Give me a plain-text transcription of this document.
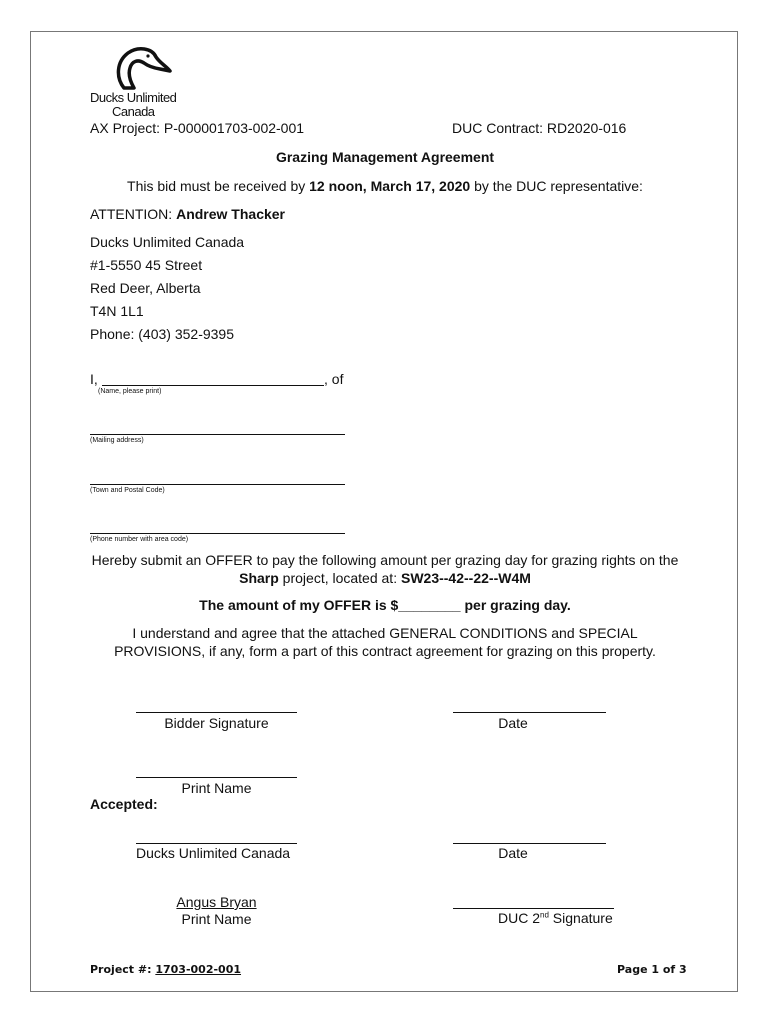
Ducks Unlimited
Canada
AX Project: P-000001703-002-001	DUC Contract: RD2020-016
Grazing Management Agreement
This bid must be received by 12 noon, March 17, 2020 by the DUC representative:
ATTENTION: Andrew Thacker
Ducks Unlimited Canada
#1-5550 45 Street
Red Deer, Alberta
T4N 1L1
Phone: (403) 352-9395
I,	, of
(Name, please print)
(Mailing address)
(Town and Postal Code)
(Phone number with area code)
Hereby submit an OFFER to pay the following amount per grazing day for grazing rights on the
Sharp project, located at: SW23--42--22--W4M
The amount of my OFFER is $________ per grazing day.
I understand and agree that the attached GENERAL CONDITIONS and SPECIAL
PROVISIONS, if any, form a part of this contract agreement for grazing on this property.
Bidder Signature	Date
Print Name
Accepted:
Ducks Unlimited Canada	Date
Angus Bryan
Print Name	DUC 2nd Signature
Project #: 1703-002-001	Page 1 of 3
